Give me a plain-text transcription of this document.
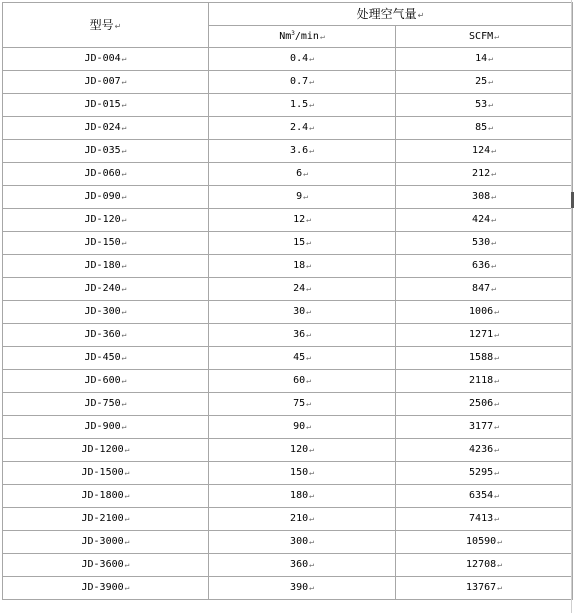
型号↵	处理空气量↵	
	Nm$^3$/min↵	SCFM↵
JD-004↵	0.4↵	14↵
JD-007↵	0.7↵	25↵
JD-015↵	1.5↵	53↵
JD-024↵	2.4↵	85↵
JD-035↵	3.6↵	124↵
JD-060↵	6↵	212↵
JD-090↵	9↵	308↵
JD-120↵	12↵	424↵
JD-150↵	15↵	530↵
JD-180↵	18↵	636↵
JD-240↵	24↵	847↵
JD-300↵	30↵	1006↵
JD-360↵	36↵	1271↵
JD-450↵	45↵	1588↵
JD-600↵	60↵	2118↵
JD-750↵	75↵	2506↵
JD-900↵	90↵	3177↵
JD-1200↵	120↵	4236↵
JD-1500↵	150↵	5295↵
JD-1800↵	180↵	6354↵
JD-2100↵	210↵	7413↵
JD-3000↵	300↵	10590↵
JD-3600↵	360↵	12708↵
JD-3900↵	390↵	13767↵
